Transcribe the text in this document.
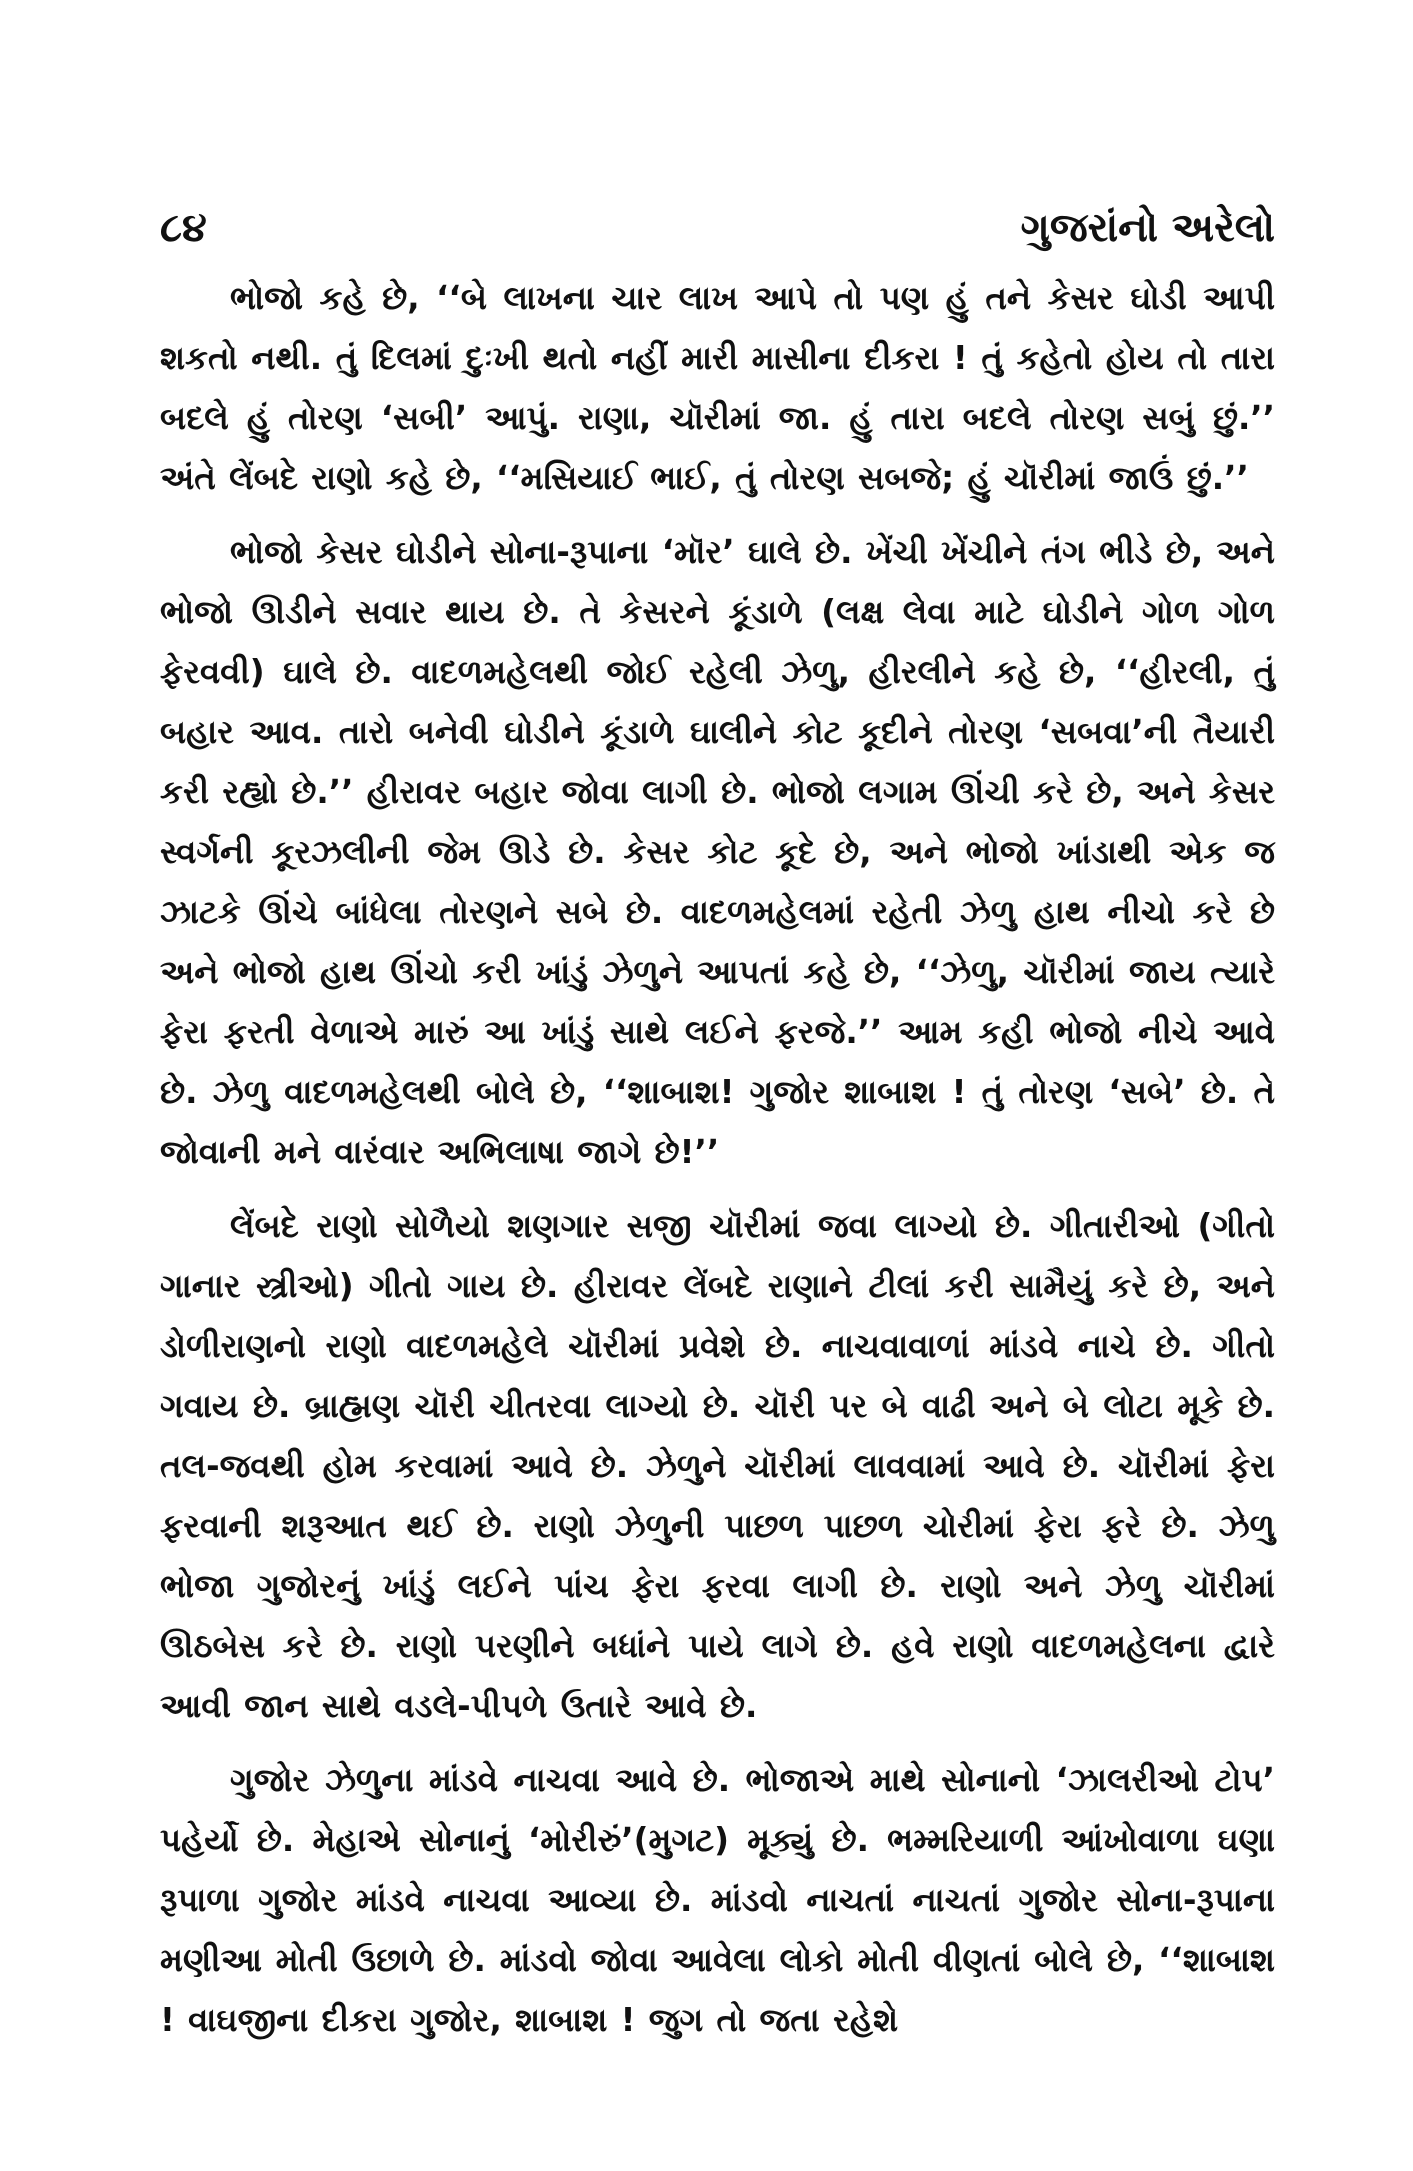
૮૪	ગુજરાંનો અરેલો

ભોજો કહે છે, ‘‘બે લાખના ચાર લાખ આપે તો પણ હું તને કેસર ઘોડી આપી શકતો નથી. તું દિલમાં દુઃખી થતો નહીં મારી માસીના દીકરા ! તું કહેતો હોય તો તારા બદલે હું તોરણ ‘સબી’ આપું. રાણા, ચૉરીમાં જા. હું તારા બદલે તોરણ સબું છું.’’ અંતે લેંબદે રાણો કહે છે, ‘‘મસિયાઈ ભાઈ, તું તોરણ સબજે; હું ચૉરીમાં જાઉં છું.’’

ભોજો કેસર ઘોડીને સોના-રૂપાના ‘મૉર’ ઘાલે છે. ખેંચી ખેંચીને તંગ ભીડે છે, અને ભોજો ઊડીને સવાર થાય છે. તે કેસરને કૂંડાળે (લક્ષ લેવા માટે ઘોડીને ગોળ ગોળ ફેરવવી) ઘાલે છે. વાદળમહેલથી જોઈ રહેલી ઝેળુ, હીરલીને કહે છે, ‘‘હીરલી, તું બહાર આવ. તારો બનેવી ઘોડીને કૂંડાળે ઘાલીને કોટ કૂદીને તોરણ ‘સબવા’ની તૈયારી કરી રહ્યો છે.’’ હીરાવર બહાર જોવા લાગી છે. ભોજો લગામ ઊંચી કરે છે, અને કેસર સ્વર્ગની કૂરઝલીની જેમ ઊડે છે. કેસર કોટ કૂદે છે, અને ભોજો ખાંડાથી એક જ ઝાટકે ઊંચે બાંધેલા તોરણને સબે છે. વાદળમહેલમાં રહેતી ઝેળુ હાથ નીચો કરે છે અને ભોજો હાથ ઊંચો કરી ખાંડું ઝેળુને આપતાં કહે છે, ‘‘ઝેળુ, ચૉરીમાં જાય ત્યારે ફેરા ફરતી વેળાએ મારું આ ખાંડું સાથે લઈને ફરજે.’’ આમ કહી ભોજો નીચે આવે છે. ઝેળુ વાદળમહેલથી બોલે છે, ‘‘શાબાશ! ગુજોર શાબાશ ! તું તોરણ ‘સબે’ છે. તે જોવાની મને વારંવાર અભિલાષા જાગે છે!’’

લેંબદે રાણો સોળૈયો શણગાર સજી ચૉરીમાં જવા લાગ્યો છે. ગીતારીઓ (ગીતો ગાનાર સ્ત્રીઓ) ગીતો ગાય છે. હીરાવર લેંબદે રાણાને ટીલાં કરી સામૈયું કરે છે, અને ડોળીરાણનો રાણો વાદળમહેલે ચૉરીમાં પ્રવેશે છે. નાચવાવાળાં માંડવે નાચે છે. ગીતો ગવાય છે. બ્રાહ્મણ ચૉરી ચીતરવા લાગ્યો છે. ચૉરી પર બે વાઢી અને બે લોટા મૂકે છે. તલ-જવથી હોમ કરવામાં આવે છે. ઝેળુને ચૉરીમાં લાવવામાં આવે છે. ચૉરીમાં ફેરા ફરવાની શરૂઆત થઈ છે. રાણો ઝેળુની પાછળ પાછળ ચોરીમાં ફેરા ફરે છે. ઝેળુ ભોજા ગુજોરનું ખાંડું લઈને પાંચ ફેરા ફરવા લાગી છે. રાણો અને ઝેળુ ચૉરીમાં ઊઠબેસ કરે છે. રાણો પરણીને બધાંને પાયે લાગે છે. હવે રાણો વાદળમહેલના દ્વારે આવી જાન સાથે વડલે-પીપળે ઉતારે આવે છે.

ગુજોર ઝેળુના માંડવે નાચવા આવે છે. ભોજાએ માથે સોનાનો ‘ઝાલરીઓ ટોપ’ પહેર્યો છે. મેહાએ સોનાનું ‘મોરીરું’(મુગટ) મૂક્યું છે. ભમ્મરિયાળી આંખોવાળા ઘણા રૂપાળા ગુજોર માંડવે નાચવા આવ્યા છે. માંડવો નાચતાં નાચતાં ગુજોર સોના-રૂપાના મણીઆ મોતી ઉછાળે છે. માંડવો જોવા આવેલા લોકો મોતી વીણતાં બોલે છે, ‘‘શાબાશ ! વાઘજીના દીકરા ગુજોર, શાબાશ ! જુગ તો જતા રહેશે
